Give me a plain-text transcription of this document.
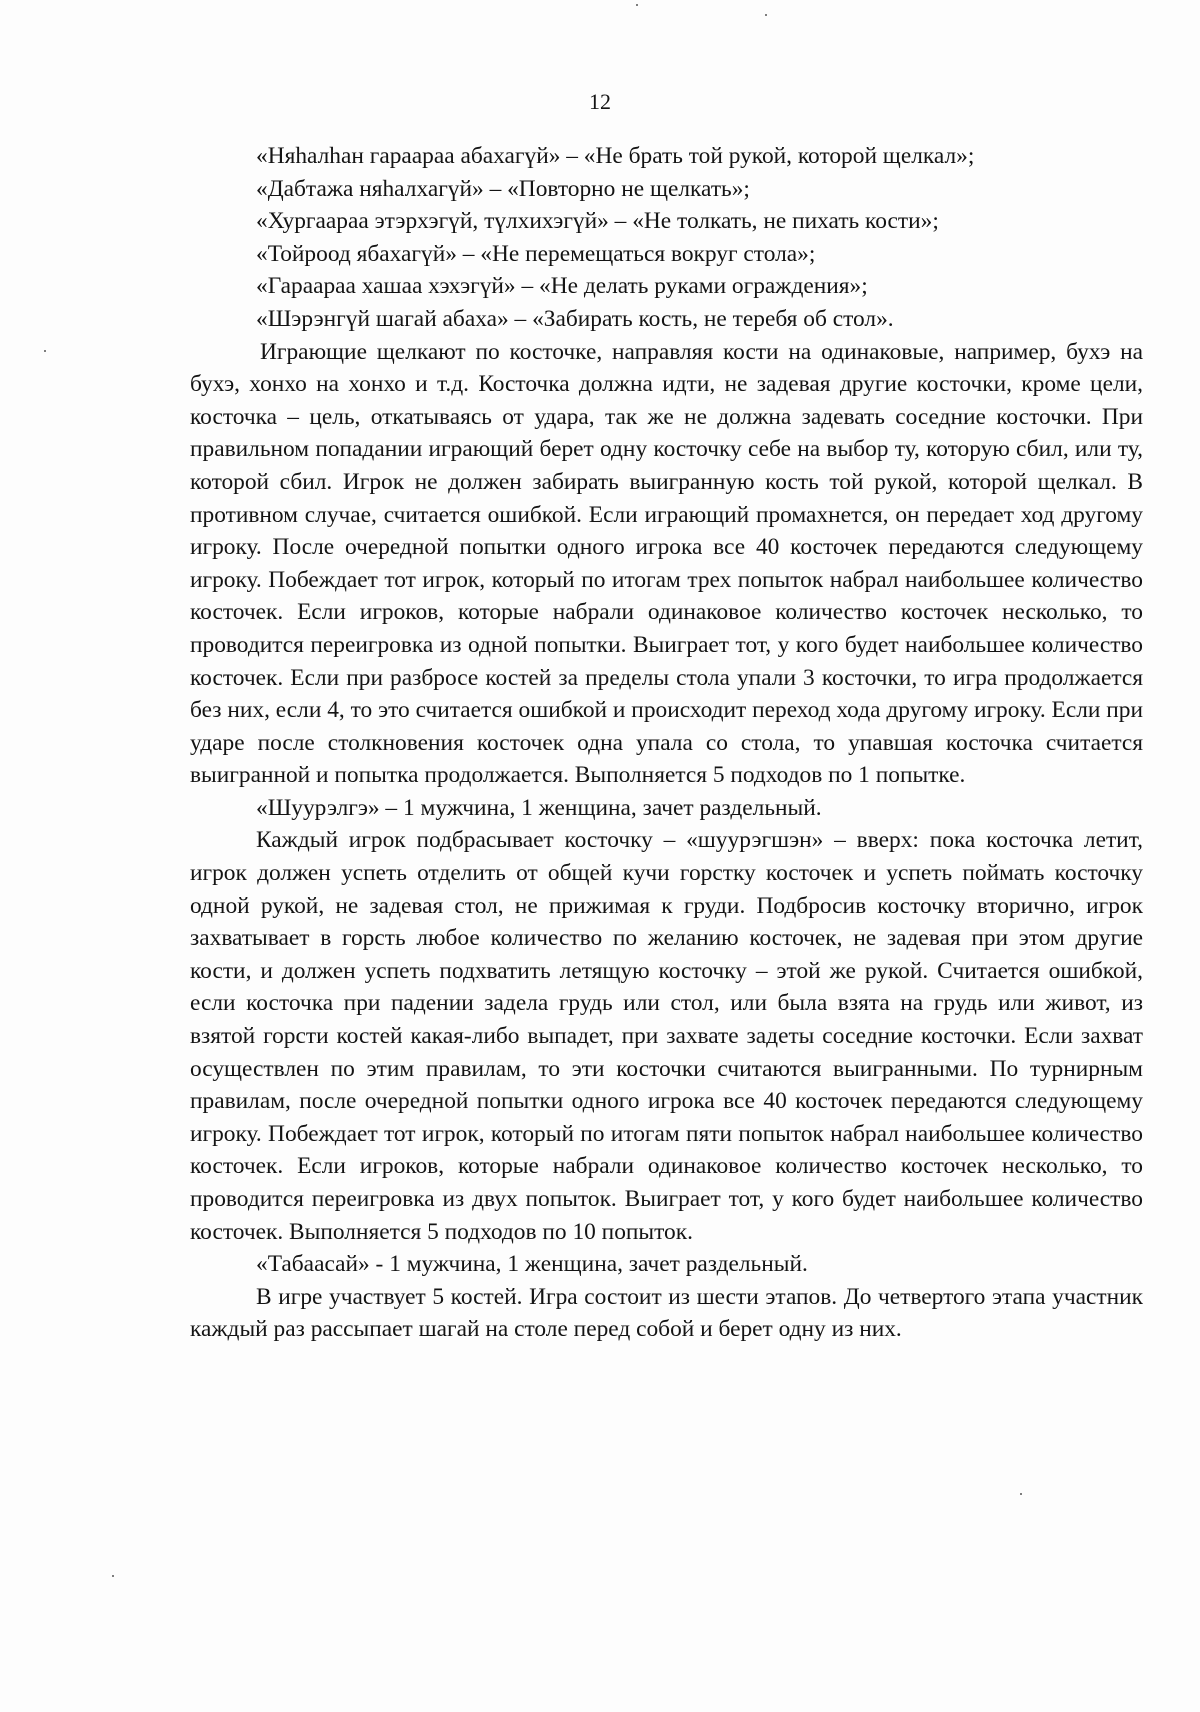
12

«Няһалһан гараараа абахагүй» – «Не брать той рукой, которой щелкал»;

«Дабтажа няһалхагүй» – «Повторно не щелкать»;

«Хургаараа этэрхэгүй, түлхихэгүй» – «Не толкать, не пихать кости»;

«Тойроод ябахагүй» – «Не перемещаться вокруг стола»;

«Гараараа хашаа хэхэгүй» – «Не делать руками ограждения»;

«Шэрэнгүй шагай абаха» – «Забирать кость, не теребя об стол».

Играющие щелкают по косточке, направляя кости на одинаковые, например, бухэ на бухэ, хонхо на хонхо и т.д. Косточка должна идти, не задевая другие косточки, кроме цели, косточка – цель, откатываясь от удара, так же не должна задевать соседние косточки. При правильном попадании играющий берет одну косточку себе на выбор ту, которую сбил, или ту, которой сбил. Игрок не должен забирать выигранную кость той рукой, которой щелкал. В противном случае, считается ошибкой. Если играющий промахнется, он передает ход другому игроку. После очередной попытки одного игрока все 40 косточек передаются следующему игроку. Побеждает тот игрок, который по итогам трех попыток набрал наибольшее количество косточек. Если игроков, которые набрали одинаковое количество косточек несколько, то проводится переигровка из одной попытки. Выиграет тот, у кого будет наибольшее количество косточек. Если при разбросе костей за пределы стола упали 3 косточки, то игра продолжается без них, если 4, то это считается ошибкой и происходит переход хода другому игроку. Если при ударе после столкновения косточек одна упала со стола, то упавшая косточка считается выигранной и попытка продолжается. Выполняется 5 подходов по 1 попытке.

«Шуурэлгэ» – 1 мужчина, 1 женщина, зачет раздельный.

Каждый игрок подбрасывает косточку – «шуурэгшэн» – вверх: пока косточка летит, игрок должен успеть отделить от общей кучи горстку косточек и успеть поймать косточку одной рукой, не задевая стол, не прижимая к груди. Подбросив косточку вторично, игрок захватывает в горсть любое количество по желанию косточек, не задевая при этом другие кости, и должен успеть подхватить летящую косточку – этой же рукой. Считается ошибкой, если косточка при падении задела грудь или стол, или была взята на грудь или живот, из взятой горсти костей какая-либо выпадет, при захвате задеты соседние косточки. Если захват осуществлен по этим правилам, то эти косточки считаются выигранными. По турнирным правилам, после очередной попытки одного игрока все 40 косточек передаются следующему игроку. Побеждает тот игрок, который по итогам пяти попыток набрал наибольшее количество косточек. Если игроков, которые набрали одинаковое количество косточек несколько, то проводится переигровка из двух попыток. Выиграет тот, у кого будет наибольшее количество косточек. Выполняется 5 подходов по 10 попыток.

«Табаасай» - 1 мужчина, 1 женщина, зачет раздельный.

В игре участвует 5 костей. Игра состоит из шести этапов. До четвертого этапа участник каждый раз рассыпает шагай на столе перед собой и берет одну из них.
